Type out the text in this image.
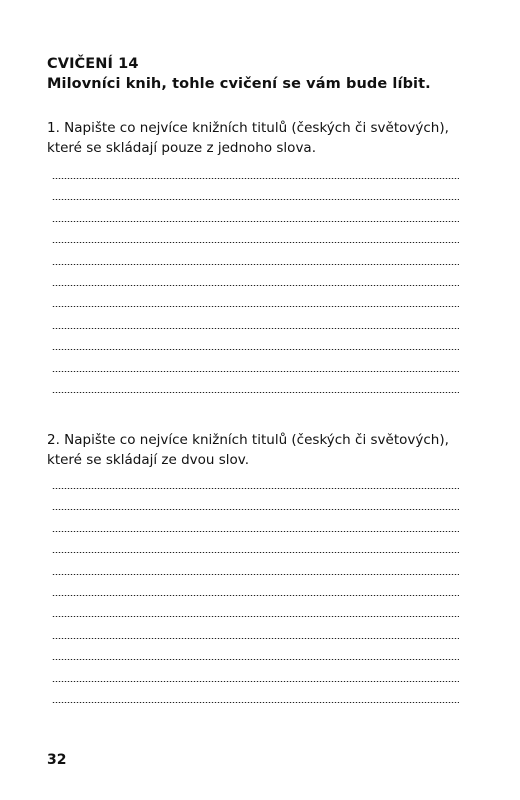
CVIČENÍ 14
Milovníci knih, tohle cvičení se vám bude líbit.
1. Napište co nejvíce knižních titulů (českých či světových),
které se skládají pouze z jednoho slova.
2. Napište co nejvíce knižních titulů (českých či světových),
které se skládají ze dvou slov.
32
